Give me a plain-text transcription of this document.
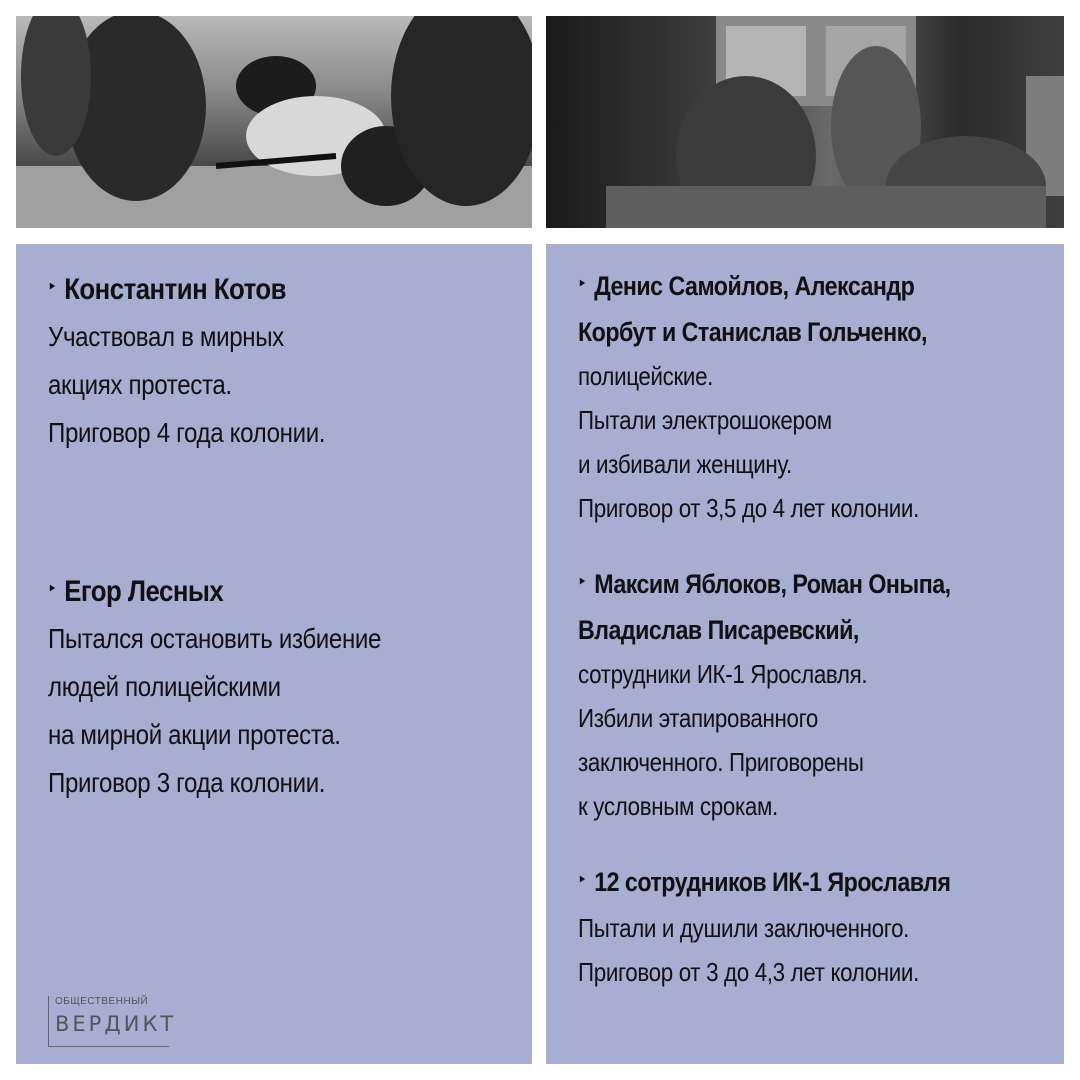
‣ Константин Котов
Участвовал в мирных
акциях протеста.
Приговор 4 года колонии.
‣ Егор Лесных
Пытался остановить избиение
людей полицейскими
на мирной акции протеста.
Приговор 3 года колонии.
ОБЩЕСТВЕННЫЙ
ВЕРДИКТ
‣ Денис Самойлов, Александр
Корбут и Станислав Гольченко,
полицейские.
Пытали электрошокером
и избивали женщину.
Приговор от 3,5 до 4 лет колонии.
‣ Максим Яблоков, Роман Оныпа,
Владислав Писаревский,
сотрудники ИК-1 Ярославля.
Избили этапированного
заключенного. Приговорены
к условным срокам.
‣ 12 сотрудников ИК-1 Ярославля
Пытали и душили заключенного.
Приговор от 3 до 4,3 лет колонии.
